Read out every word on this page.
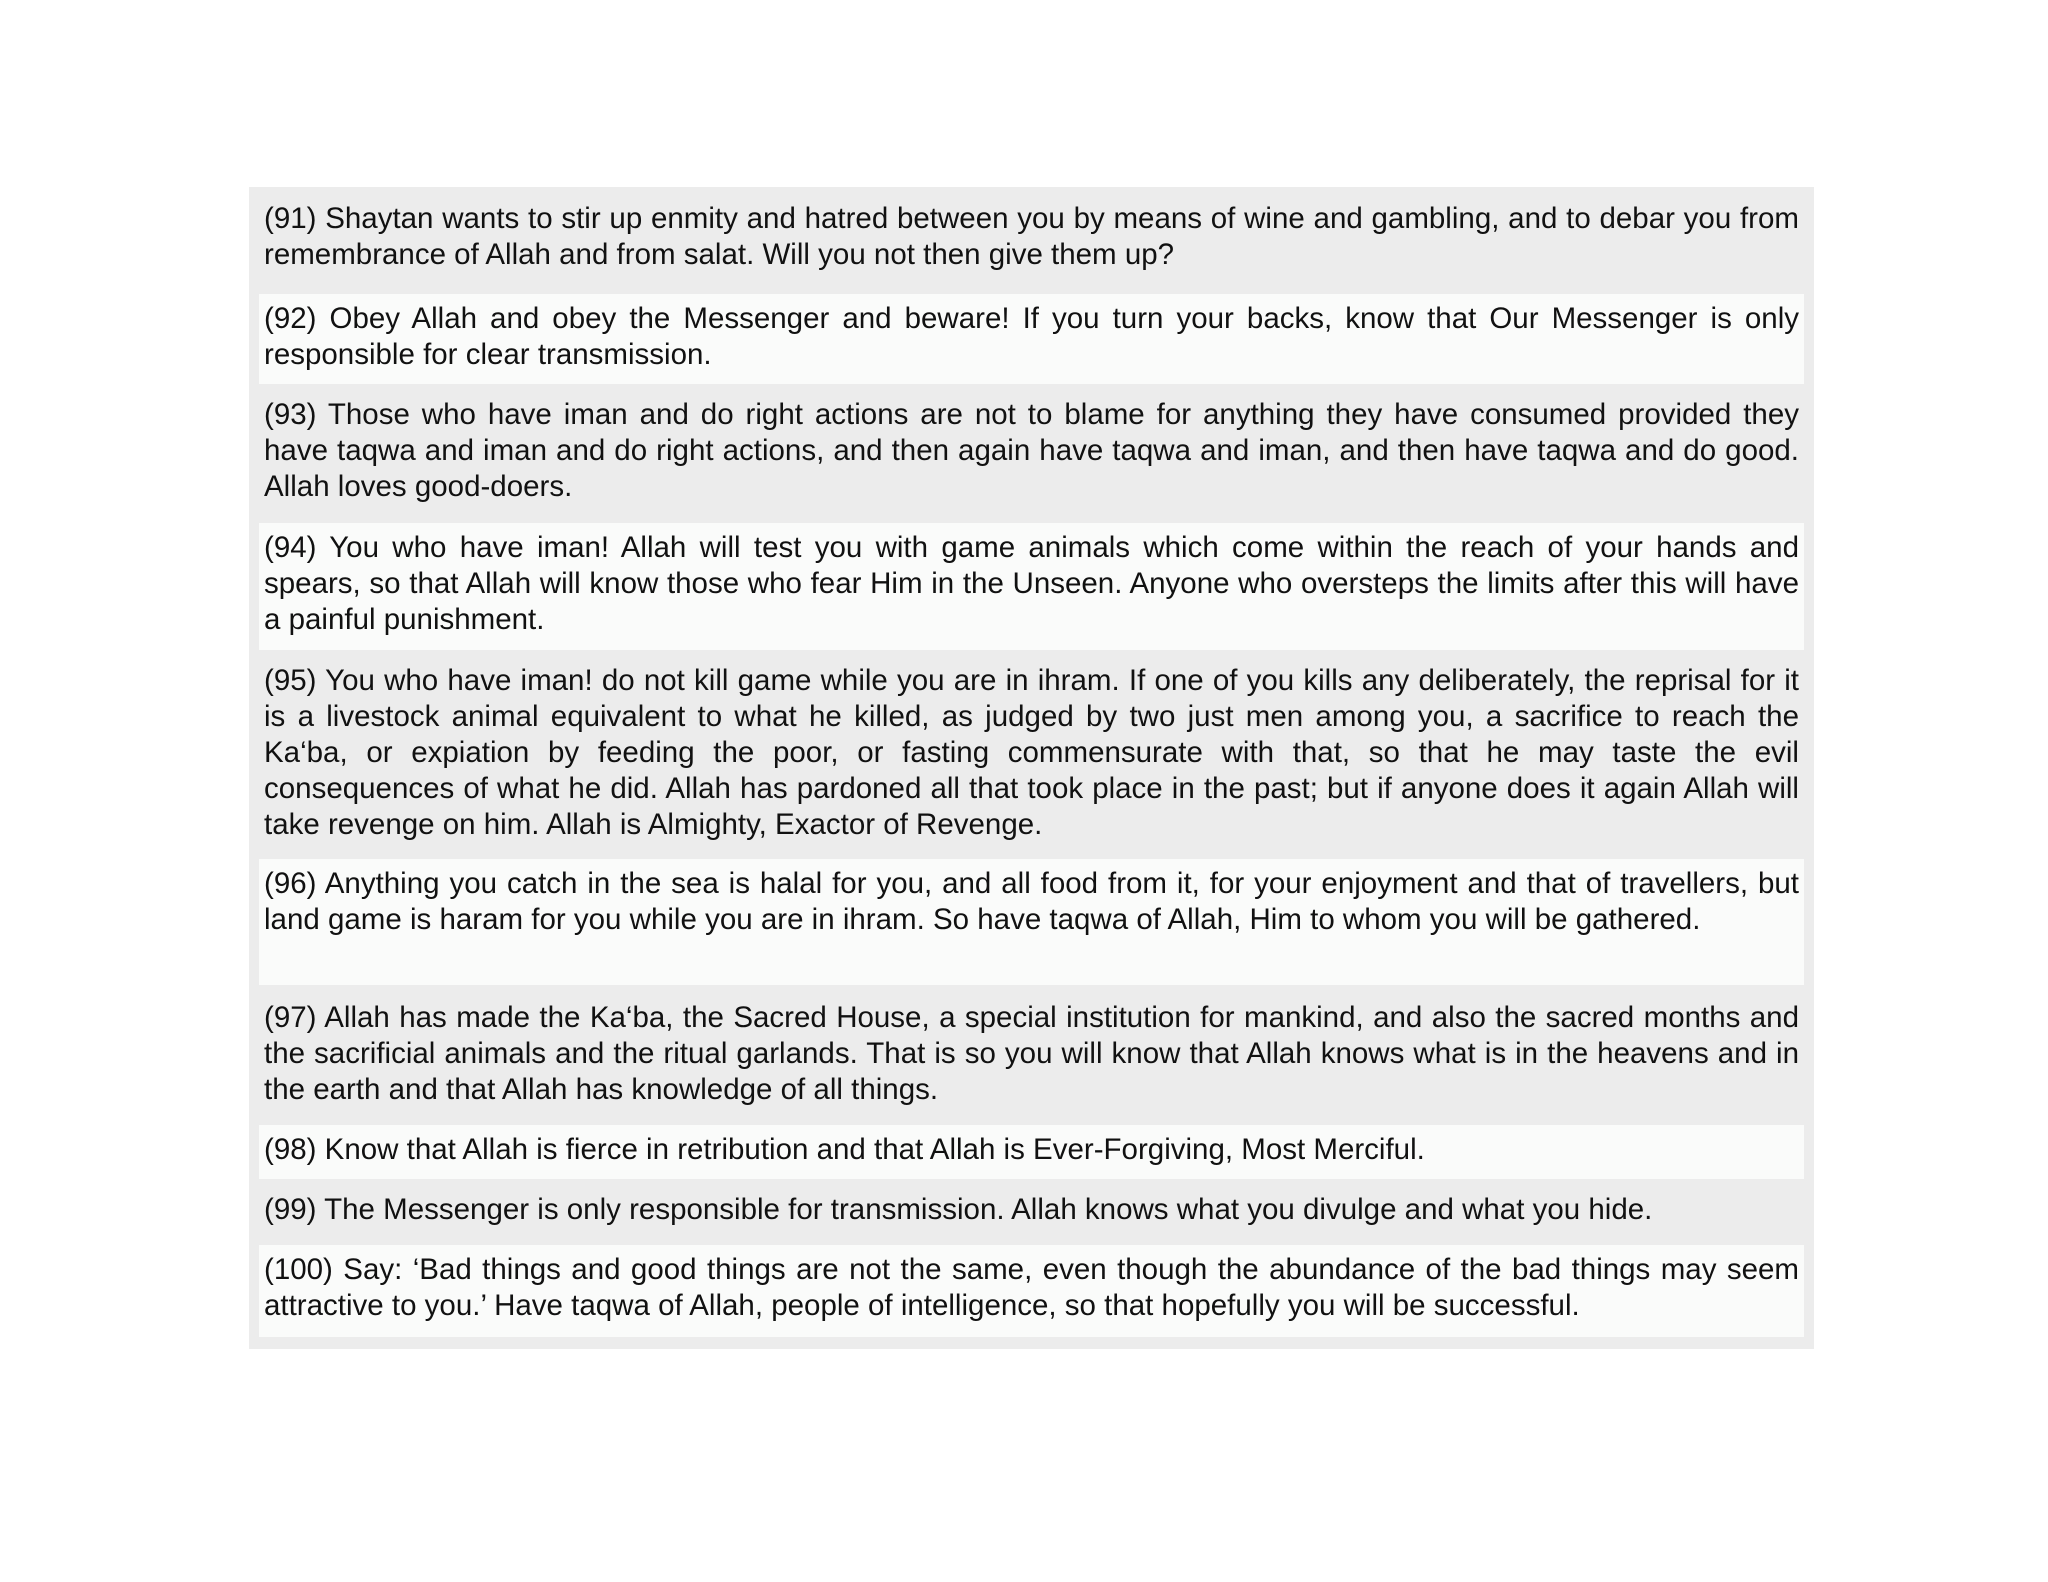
(91) Shaytan wants to stir up enmity and hatred between you by means of wine and gambling, and to debar you from remembrance of Allah and from salat. Will you not then give them up?
(92) Obey Allah and obey the Messenger and beware! If you turn your backs, know that Our Messenger is only responsible for clear transmission.
(93) Those who have iman and do right actions are not to blame for anything they have consumed provided they have taqwa and iman and do right actions, and then again have taqwa and iman, and then have taqwa and do good. Allah loves good-doers.
(94) You who have iman! Allah will test you with game animals which come within the reach of your hands and spears, so that Allah will know those who fear Him in the Unseen. Anyone who oversteps the limits after this will have a painful punishment.
(95) You who have iman! do not kill game while you are in ihram. If one of you kills any deliberately, the reprisal for it is a livestock animal equivalent to what he killed, as judged by two just men among you, a sacrifice to reach the Ka‘ba, or expiation by feeding the poor, or fasting commensurate with that, so that he may taste the evil consequences of what he did. Allah has pardoned all that took place in the past; but if anyone does it again Allah will take revenge on him. Allah is Almighty, Exactor of Revenge.
(96) Anything you catch in the sea is halal for you, and all food from it, for your enjoyment and that of travellers, but land game is haram for you while you are in ihram. So have taqwa of Allah, Him to whom you will be gathered.
(97) Allah has made the Ka‘ba, the Sacred House, a special institution for mankind, and also the sacred months and the sacrificial animals and the ritual garlands. That is so you will know that Allah knows what is in the heavens and in the earth and that Allah has knowledge of all things.
(98) Know that Allah is fierce in retribution and that Allah is Ever-Forgiving, Most Merciful.
(99) The Messenger is only responsible for transmission. Allah knows what you divulge and what you hide.
(100) Say: ‘Bad things and good things are not the same, even though the abundance of the bad things may seem attractive to you.’ Have taqwa of Allah, people of intelligence, so that hopefully you will be successful.
